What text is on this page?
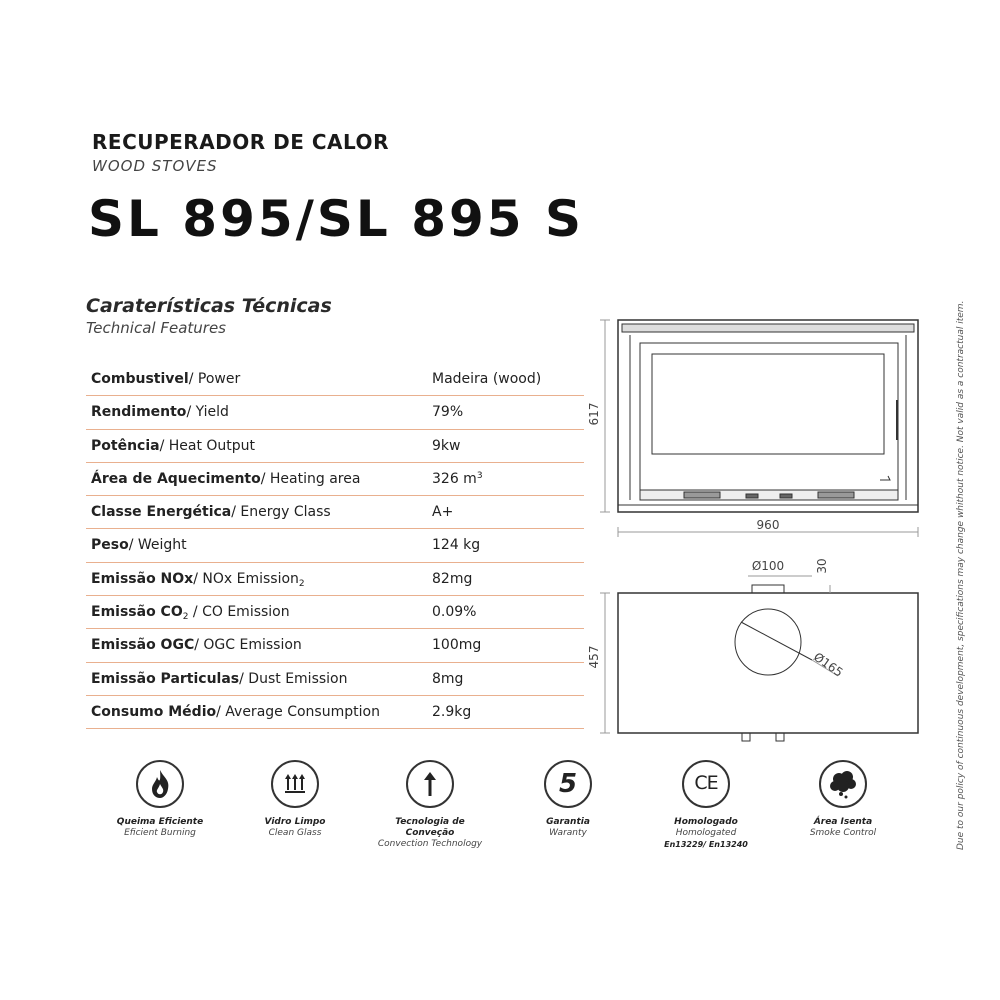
RECUPERADOR DE CALOR
WOOD STOVES
SL 895/SL 895 S
Caraterísticas Técnicas
Technical Features
Combustivel/ Power	Madeira (wood)
Rendimento/ Yield	79%
Potência/ Heat Output	9kw
Área de Aquecimento/ Heating area	326 $m^3$
Classe Energética/ Energy Class	A+
Peso/ Weight	124 kg
Emissão NOx/ NOx Emission$_2$	82mg
Emissão $CO_2$ / CO Emission	0.09%
Emissão OGC/ OGC Emission	100mg
Emissão Particulas/ Dust Emission	8mg
Consumo Médio/ Average Consumption	2.9kg
617
960
457
Ø100	30
Ø165	Due to our policy of continuous development, specifications may change whithout notice. Not valid as a contractual item.
Queima Eficiente
Eficient Burning
Vidro Limpo
Clean Glass
Tecnologia de Conveção
Convection Technology
5
Garantia
Waranty
CE
Homologado
Homologated
En13229/ En13240
Área Isenta
Smoke Control
